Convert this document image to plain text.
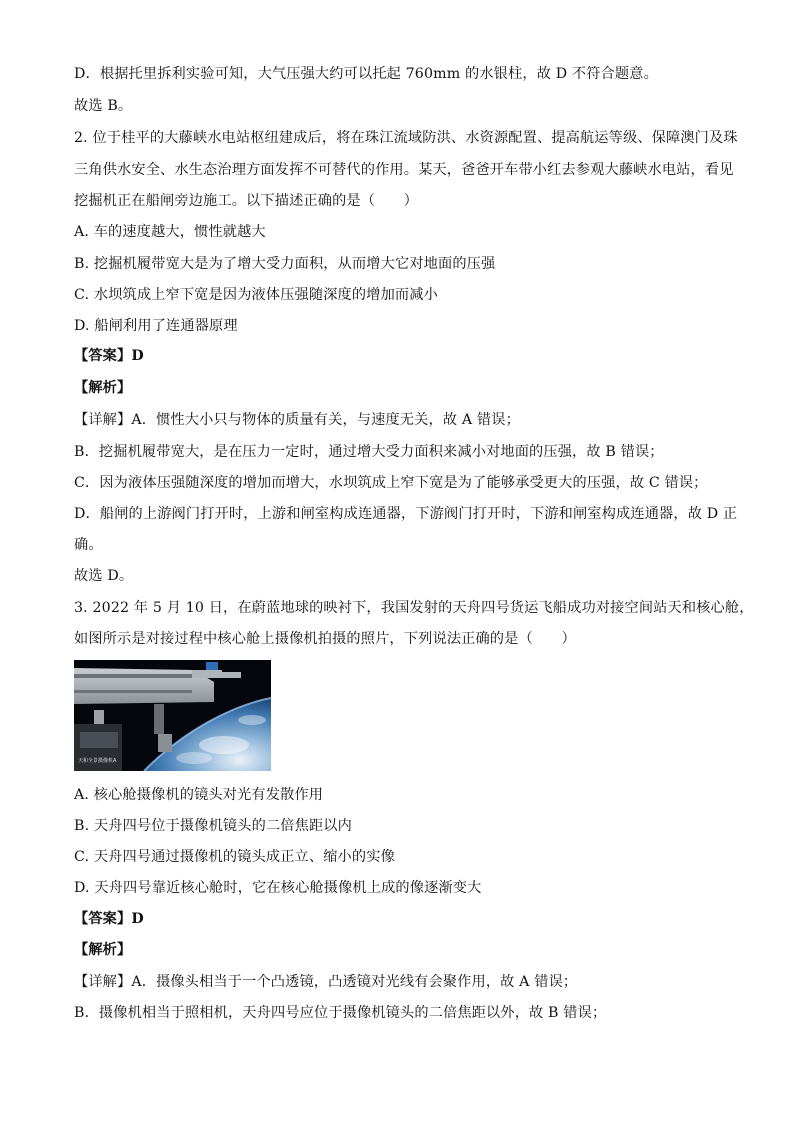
D．根据托里拆利实验可知，大气压强大约可以托起 760mm 的水银柱，故 D 不符合题意。
故选 B。
2. 位于桂平的大藤峡水电站枢纽建成后，将在珠江流域防洪、水资源配置、提高航运等级、保障澳门及珠
三角供水安全、水生态治理方面发挥不可替代的作用。某天，爸爸开车带小红去参观大藤峡水电站，看见
挖掘机正在船闸旁边施工。以下描述正确的是（　　）
A. 车的速度越大，惯性就越大
B. 挖掘机履带宽大是为了增大受力面积，从而增大它对地面的压强
C. 水坝筑成上窄下宽是因为液体压强随深度的增加而减小
D. 船闸利用了连通器原理
【答案】D
【解析】
【详解】A．惯性大小只与物体的质量有关，与速度无关，故 A 错误；
B．挖掘机履带宽大，是在压力一定时，通过增大受力面积来减小对地面的压强，故 B 错误；
C．因为液体压强随深度的增加而增大，水坝筑成上窄下宽是为了能够承受更大的压强，故 C 错误；
D．船闸的上游阀门打开时，上游和闸室构成连通器，下游阀门打开时，下游和闸室构成连通器，故 D 正
确。
故选 D。
3. 2022 年 5 月 10 日，在蔚蓝地球的映衬下，我国发射的天舟四号货运飞船成功对接空间站天和核心舱，
如图所示是对接过程中核心舱上摄像机拍摄的照片，下列说法正确的是（　　）
天和全景摄像机A
A. 核心舱摄像机的镜头对光有发散作用
B. 天舟四号位于摄像机镜头的二倍焦距以内
C. 天舟四号通过摄像机的镜头成正立、缩小的实像
D. 天舟四号靠近核心舱时，它在核心舱摄像机上成的像逐渐变大
【答案】D
【解析】
【详解】A．摄像头相当于一个凸透镜，凸透镜对光线有会聚作用，故 A 错误；
B．摄像机相当于照相机，天舟四号应位于摄像机镜头的二倍焦距以外，故 B 错误；
